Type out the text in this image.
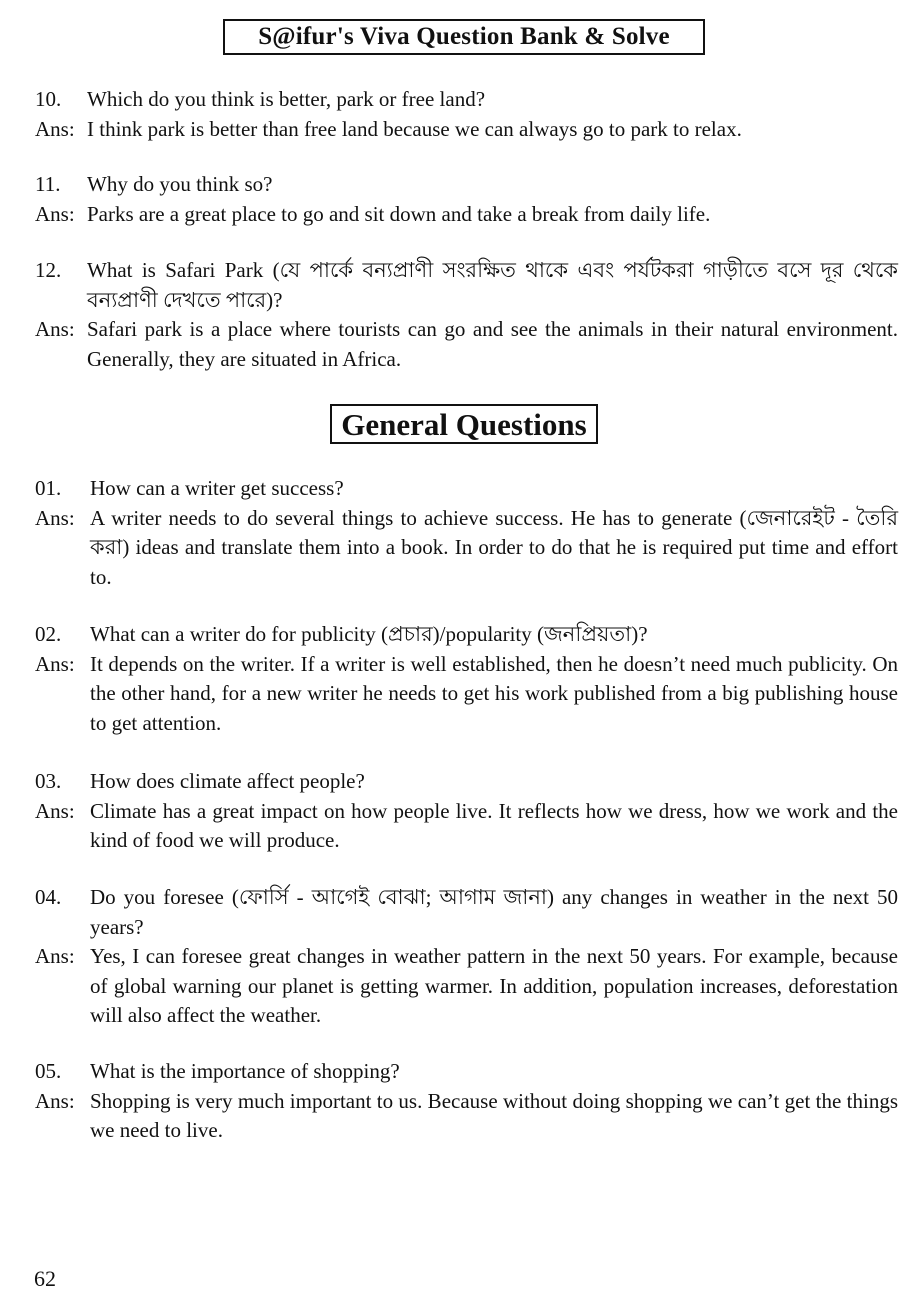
S@ifur's Viva Question Bank & Solve
10.	Which do you think is better, park or free land?
Ans: I think park is better than free land because we can always go to park to relax.
11.	Why do you think so?
Ans: Parks are a great place to go and sit down and take a break from daily life.
12.	What is Safari Park (যে পার্কে বন্যপ্রাণী সংরক্ষিত থাকে এবং পর্যটকরা গাড়ীতে বসে দূর থেকে বন্যপ্রাণী দেখতে পারে)?
Ans: Safari park is a place where tourists can go and see the animals in their natural environment. Generally, they are situated in Africa.
General Questions
01.	How can a writer get success?
Ans: A writer needs to do several things to achieve success. He has to generate (জেনারেইট - তৈরি করা) ideas and translate them into a book. In order to do that he is required put time and effort to.
02.	What can a writer do for publicity (প্রচার)/popularity (জনপ্রিয়তা)?
Ans: It depends on the writer. If a writer is well established, then he doesn’t need much publicity. On the other hand, for a new writer he needs to get his work published from a big publishing house to get attention.
03.	How does climate affect people?
Ans: Climate has a great impact on how people live. It reflects how we dress, how we work and the kind of food we will produce.
04.	Do you foresee (ফোর্সি - আগেই বোঝা; আগাম জানা) any changes in weather in the next 50 years?
Ans: Yes, I can foresee great changes in weather pattern in the next 50 years. For example, because of global warning our planet is getting warmer. In addition, population increases, deforestation will also affect the weather.
05.	What is the importance of shopping?
Ans: Shopping is very much important to us. Because without doing shopping we can’t get the things we need to live.
62
